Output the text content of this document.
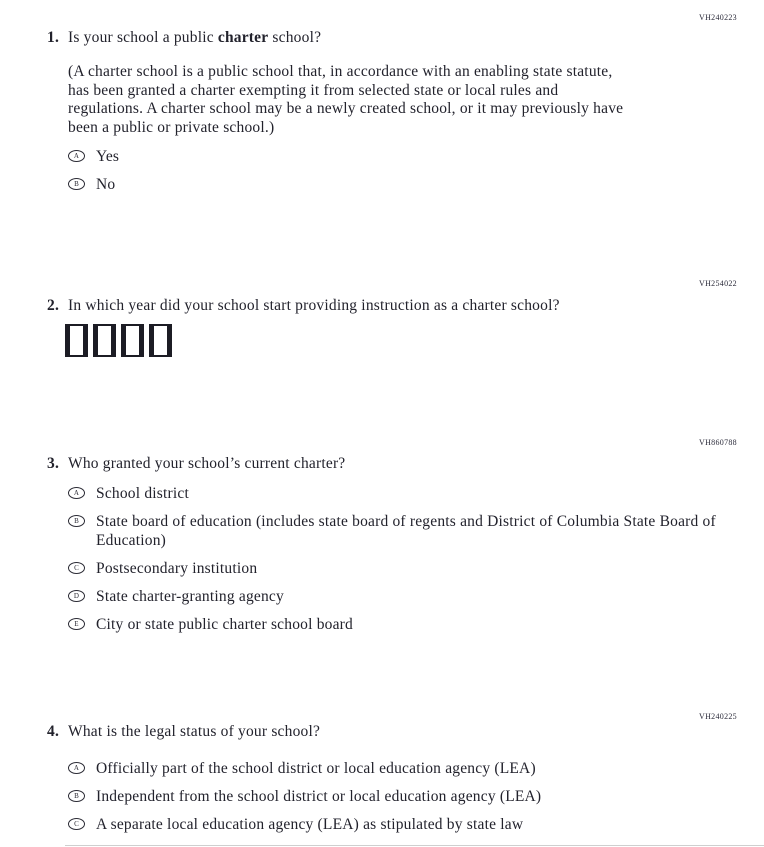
VH240223
1. Is your school a public charter school?
(A charter school is a public school that, in accordance with an enabling state statute, has been granted a charter exempting it from selected state or local rules and regulations. A charter school may be a newly created school, or it may previously have been a public or private school.)
A	Yes
B	No
VH254022
2. In which year did your school start providing instruction as a charter school?
VH860788
3. Who granted your school’s current charter?
A	School district
B	State board of education (includes state board of regents and District of Columbia State Board of Education)
C	Postsecondary institution
D	State charter-granting agency
E	City or state public charter school board
VH240225
4. What is the legal status of your school?
A	Officially part of the school district or local education agency (LEA)
B	Independent from the school district or local education agency (LEA)
C	A separate local education agency (LEA) as stipulated by state law
